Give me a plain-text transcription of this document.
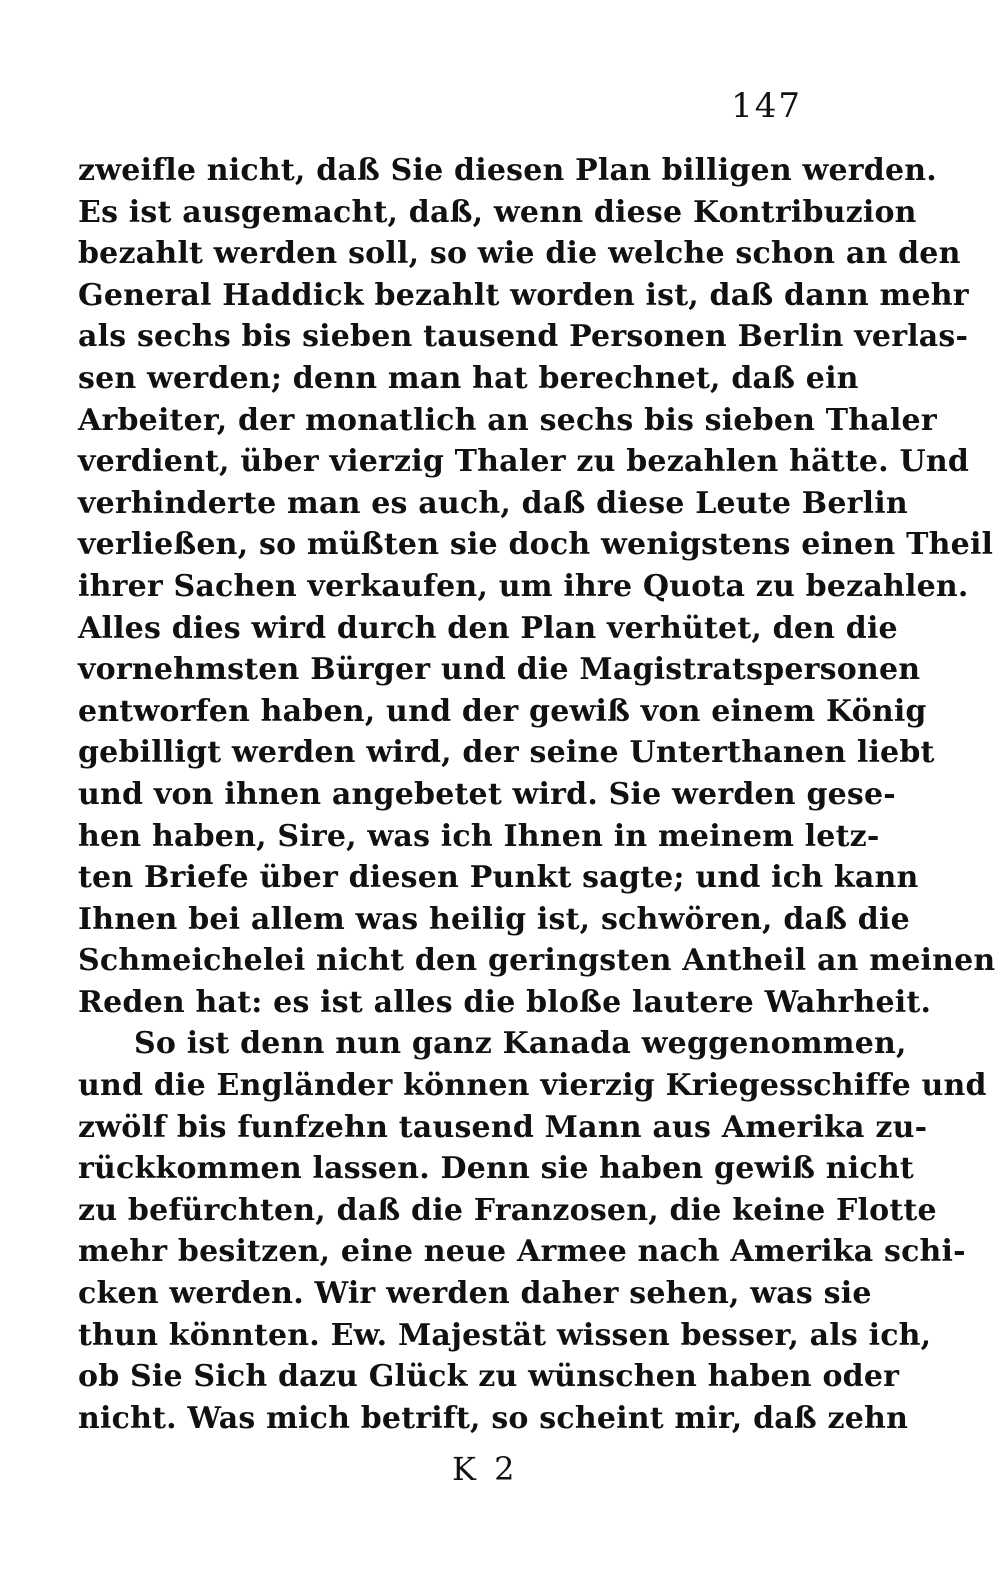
147
zweifle nicht, daß Sie diesen Plan billigen werden.
Es ist ausgemacht, daß, wenn diese Kontribuzion
bezahlt werden soll, so wie die welche schon an den
General Haddick bezahlt worden ist, daß dann mehr
als sechs bis sieben tausend Personen Berlin verlas-
sen werden; denn man hat berechnet, daß ein
Arbeiter, der monatlich an sechs bis sieben Thaler
verdient, über vierzig Thaler zu bezahlen hätte. Und
verhinderte man es auch, daß diese Leute Berlin
verließen, so müßten sie doch wenigstens einen Theil
ihrer Sachen verkaufen, um ihre Quota zu bezahlen.
Alles dies wird durch den Plan verhütet, den die
vornehmsten Bürger und die Magistratspersonen
entworfen haben, und der gewiß von einem König
gebilligt werden wird, der seine Unterthanen liebt
und von ihnen angebetet wird. Sie werden gese-
hen haben, Sire, was ich Ihnen in meinem letz-
ten Briefe über diesen Punkt sagte; und ich kann
Ihnen bei allem was heilig ist, schwören, daß die
Schmeichelei nicht den geringsten Antheil an meinen
Reden hat: es ist alles die bloße lautere Wahrheit.
So ist denn nun ganz Kanada weggenommen,
und die Engländer können vierzig Kriegesschiffe und
zwölf bis funfzehn tausend Mann aus Amerika zu-
rückkommen lassen. Denn sie haben gewiß nicht
zu befürchten, daß die Franzosen, die keine Flotte
mehr besitzen, eine neue Armee nach Amerika schi-
cken werden. Wir werden daher sehen, was sie
thun könnten. Ew. Majestät wissen besser, als ich,
ob Sie Sich dazu Glück zu wünschen haben oder
nicht. Was mich betrift, so scheint mir, daß zehn
K 2
